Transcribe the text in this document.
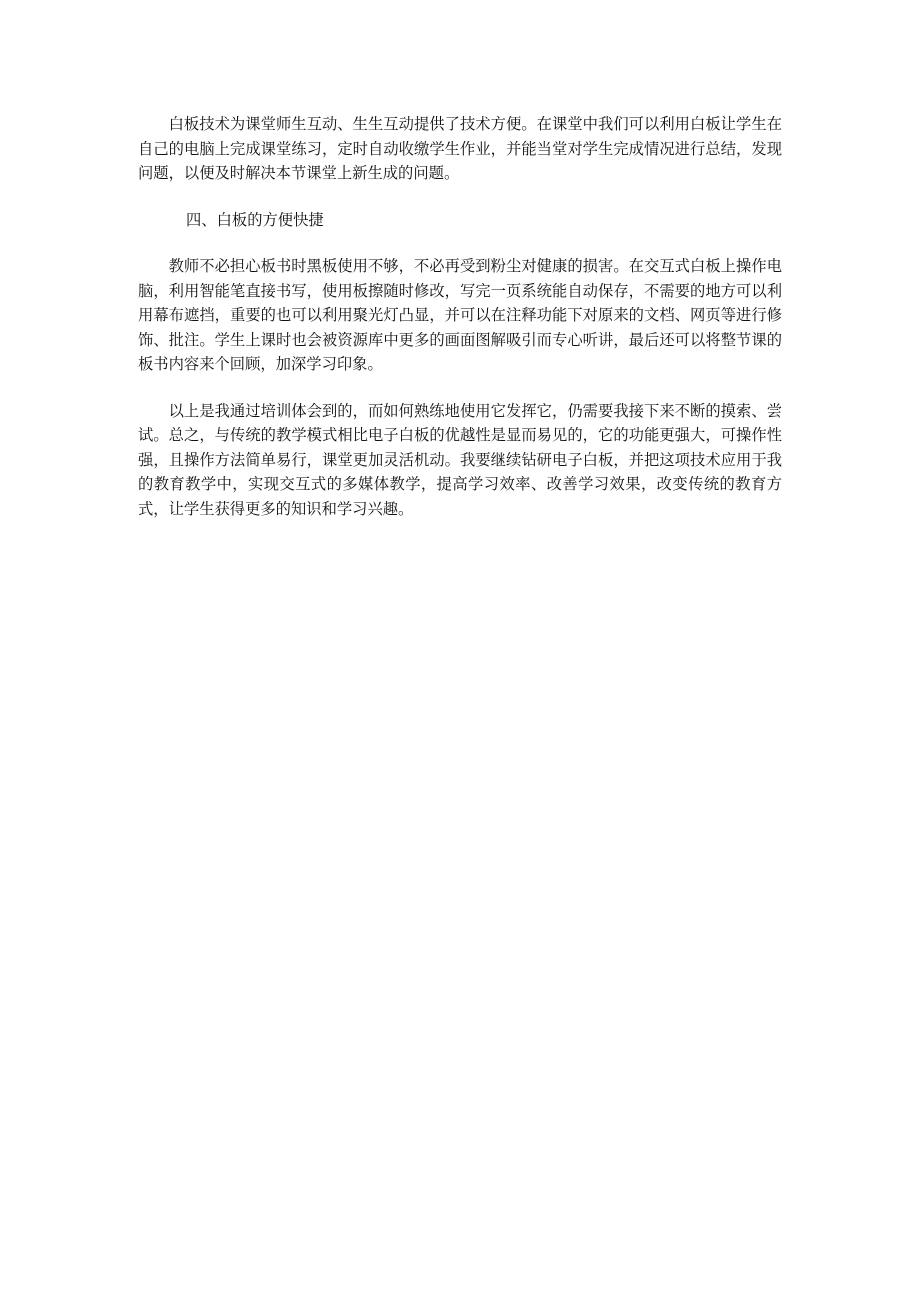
白板技术为课堂师生互动、生生互动提供了技术方便。在课堂中我们可以利用白板让学生在自己的电脑上完成课堂练习，定时自动收缴学生作业，并能当堂对学生完成情况进行总结，发现问题，以便及时解决本节课堂上新生成的问题。

四、白板的方便快捷

教师不必担心板书时黑板使用不够，不必再受到粉尘对健康的损害。在交互式白板上操作电脑，利用智能笔直接书写，使用板擦随时修改，写完一页系统能自动保存，不需要的地方可以利用幕布遮挡，重要的也可以利用聚光灯凸显，并可以在注释功能下对原来的文档、网页等进行修饰、批注。学生上课时也会被资源库中更多的画面图解吸引而专心听讲，最后还可以将整节课的板书内容来个回顾，加深学习印象。

以上是我通过培训体会到的，而如何熟练地使用它发挥它，仍需要我接下来不断的摸索、尝试。总之，与传统的教学模式相比电子白板的优越性是显而易见的，它的功能更强大，可操作性强，且操作方法简单易行，课堂更加灵活机动。我要继续钻研电子白板，并把这项技术应用于我的教育教学中，实现交互式的多媒体教学，提高学习效率、改善学习效果，改变传统的教育方式，让学生获得更多的知识和学习兴趣。
